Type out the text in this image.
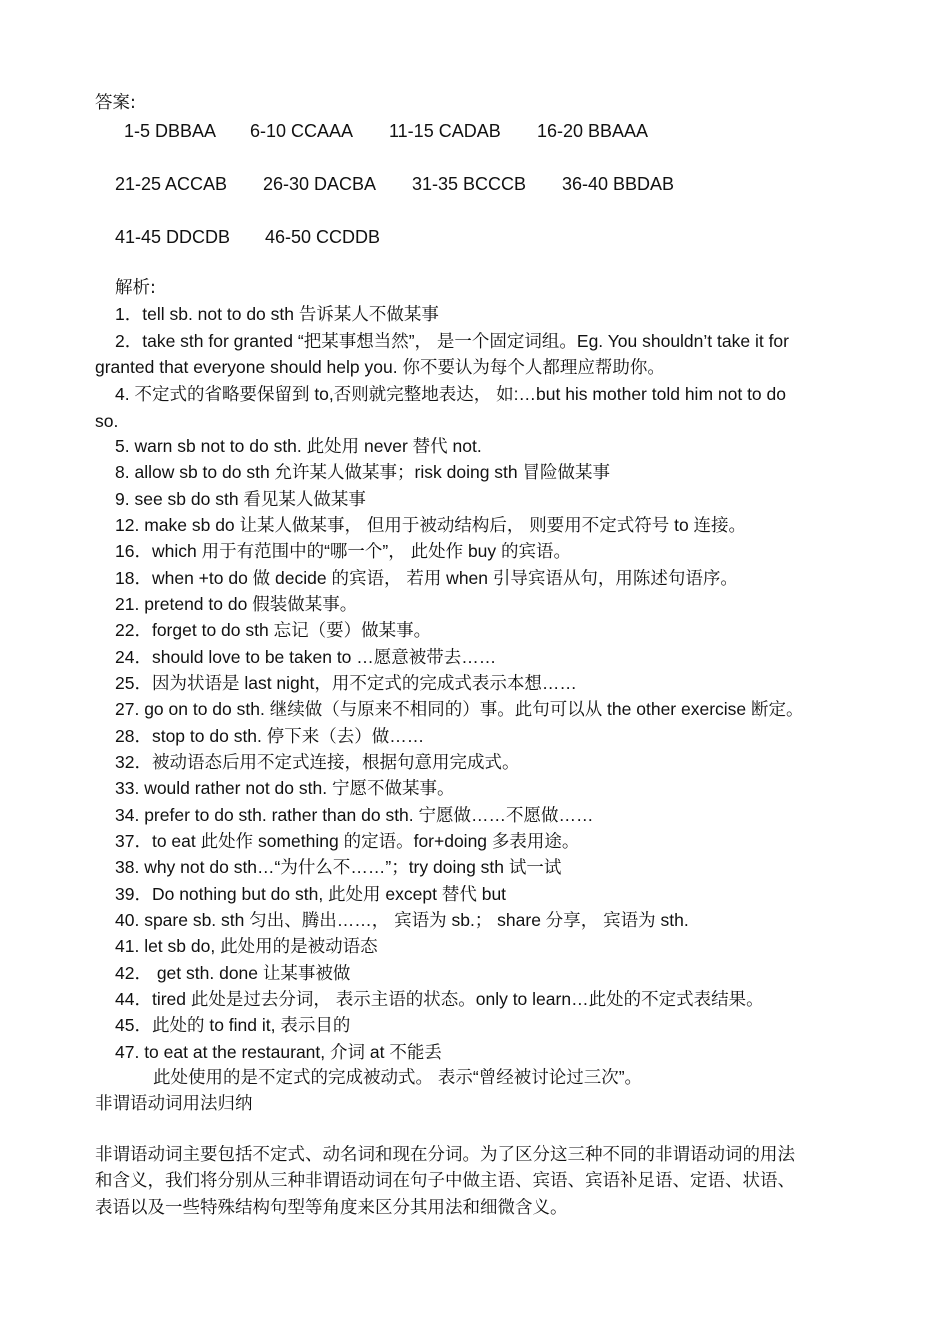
答案:
1-5 DBBAA 6-10 CCAAA 11-15 CADAB 16-20 BBAAA
21-25 ACCAB 26-30 DACBA 31-35 BCCCB 36-40 BBDAB
41-45 DDCDB 46-50 CCDDB
解析:
1．tell sb. not to do sth 告诉某人不做某事
2．take sth for granted “把某事想当然”， 是一个固定词组。Eg. You shouldn’t take it for
granted that everyone should help you. 你不要认为每个人都理应帮助你。
4. 不定式的省略要保留到 to,否则就完整地表达， 如:…but his mother told him not to do
so.
5. warn sb not to do sth. 此处用 never 替代 not.
8. allow sb to do sth 允许某人做某事；risk doing sth 冒险做某事
9. see sb do sth 看见某人做某事
12. make sb do 让某人做某事， 但用于被动结构后， 则要用不定式符号 to 连接。
16．which 用于有范围中的“哪一个”， 此处作 buy 的宾语。
18．when +to do 做 decide 的宾语， 若用 when 引导宾语从句，用陈述句语序。
21. pretend to do 假装做某事。
22．forget to do sth 忘记（要）做某事。
24．should love to be taken to …愿意被带去……
25．因为状语是 last night，用不定式的完成式表示本想……
27. go on to do sth. 继续做（与原来不相同的）事。此句可以从 the other exercise 断定。
28．stop to do sth. 停下来（去）做……
32．被动语态后用不定式连接，根据句意用完成式。
33. would rather not do sth. 宁愿不做某事。
34. prefer to do sth. rather than do sth. 宁愿做……不愿做……
37．to eat 此处作 something 的定语。for+doing 多表用途。
38. why not do sth…“为什么不……”；try doing sth 试一试
39．Do nothing but do sth, 此处用 except 替代 but
40. spare sb. sth 匀出、腾出……， 宾语为 sb.； share 分享， 宾语为 sth.
41. let sb do, 此处用的是被动语态
42． get sth. done 让某事被做
44．tired 此处是过去分词， 表示主语的状态。only to learn…此处的不定式表结果。
45．此处的 to find it, 表示目的
47. to eat at the restaurant, 介词 at 不能丢
此处使用的是不定式的完成被动式。 表示“曾经被讨论过三次”。
非谓语动词用法归纳
非谓语动词主要包括不定式、动名词和现在分词。为了区分这三种不同的非谓语动词的用法
和含义，我们将分别从三种非谓语动词在句子中做主语、宾语、宾语补足语、定语、状语、
表语以及一些特殊结构句型等角度来区分其用法和细微含义。
